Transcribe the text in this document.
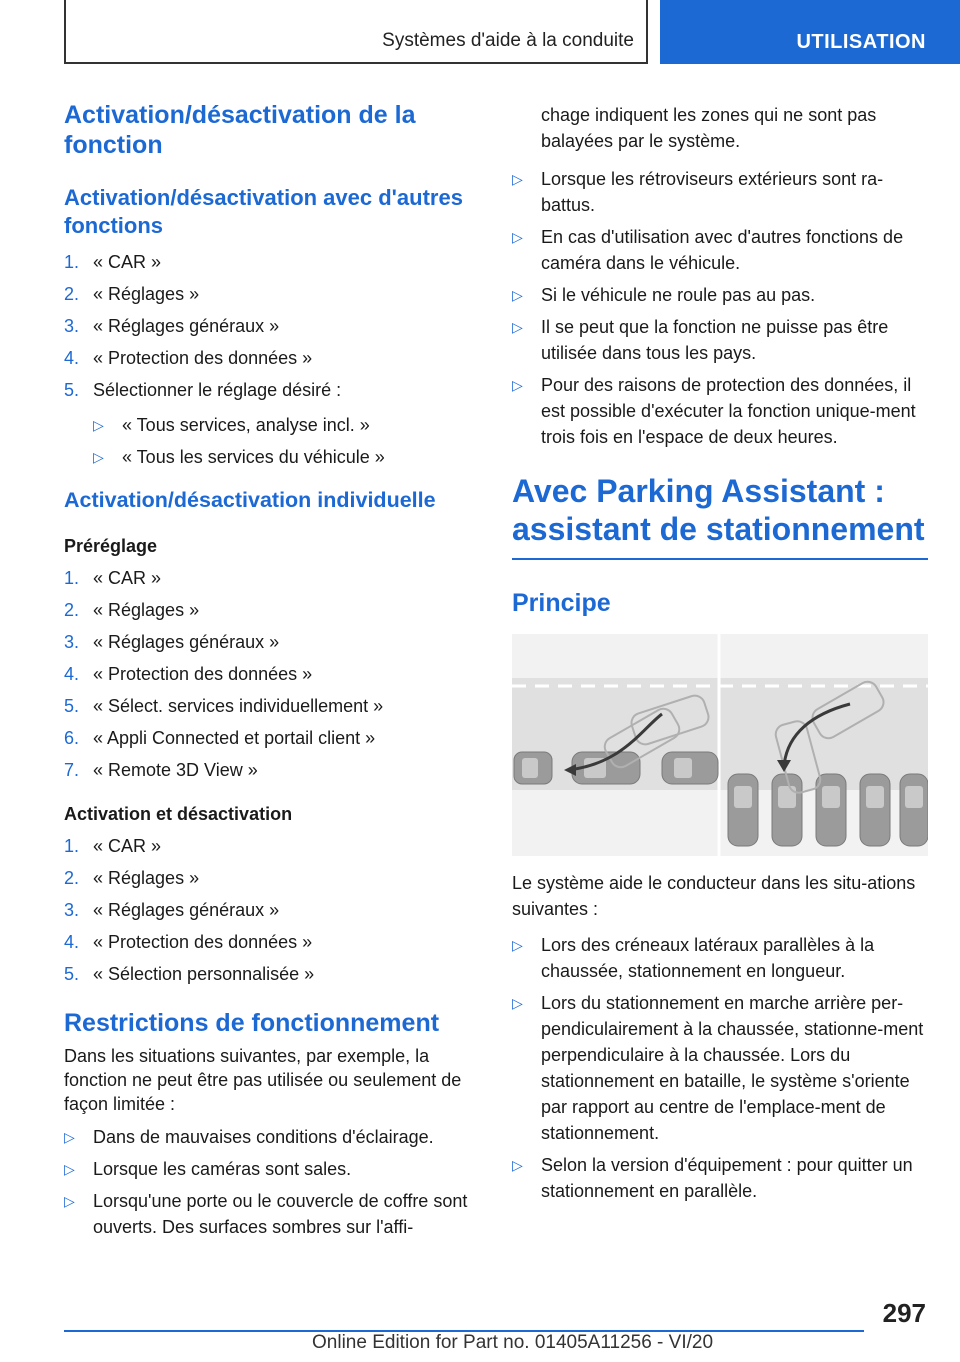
Systèmes d'aide à la conduite	UTILISATION
Activation/désactivation de la fonction
Activation/désactivation avec d'autres fonctions
1. « CAR »
2. « Réglages »
3. « Réglages généraux »
4. « Protection des données »
5. Sélectionner le réglage désiré :
▷	« Tous services, analyse incl. »
▷	« Tous les services du véhicule »
Activation/désactivation individuelle
Préréglage
1. « CAR »
2. « Réglages »
3. « Réglages généraux »
4. « Protection des données »
5. « Sélect. services individuellement »
6. « Appli Connected et portail client »
7. « Remote 3D View »
Activation et désactivation
1. « CAR »
2. « Réglages »
3. « Réglages généraux »
4. « Protection des données »
5. « Sélection personnalisée »
Restrictions de fonctionnement

Dans les situations suivantes, par exemple, la fonction ne peut être pas utilisée ou seulement de façon limitée :

▷	Dans de mauvaises conditions d'éclairage.
▷	Lorsque les caméras sont sales.
▷	Lorsqu'une porte ou le couvercle de coffre sont ouverts. Des surfaces sombres sur l'affi-

chage indiquent les zones qui ne sont pas balayées par le système.

▷	Lorsque les rétroviseurs extérieurs sont ra-battus.
▷	En cas d'utilisation avec d'autres fonctions de caméra dans le véhicule.
▷	Si le véhicule ne roule pas au pas.
▷	Il se peut que la fonction ne puisse pas être utilisée dans tous les pays.
▷	Pour des raisons de protection des données, il est possible d'exécuter la fonction unique-ment trois fois en l'espace de deux heures.
Avec Parking Assistant : assistant de stationnement
Principe

Le système aide le conducteur dans les situ-ations suivantes :

▷	Lors des créneaux latéraux parallèles à la chaussée, stationnement en longueur.
▷	Lors du stationnement en marche arrière per-pendiculairement à la chaussée, stationne-ment perpendiculaire à la chaussée. Lors du stationnement en bataille, le système s'oriente par rapport au centre de l'emplace-ment de stationnement.
▷	Selon la version d'équipement : pour quitter un stationnement en parallèle.
297
Online Edition for Part no. 01405A11256 - VI/20
